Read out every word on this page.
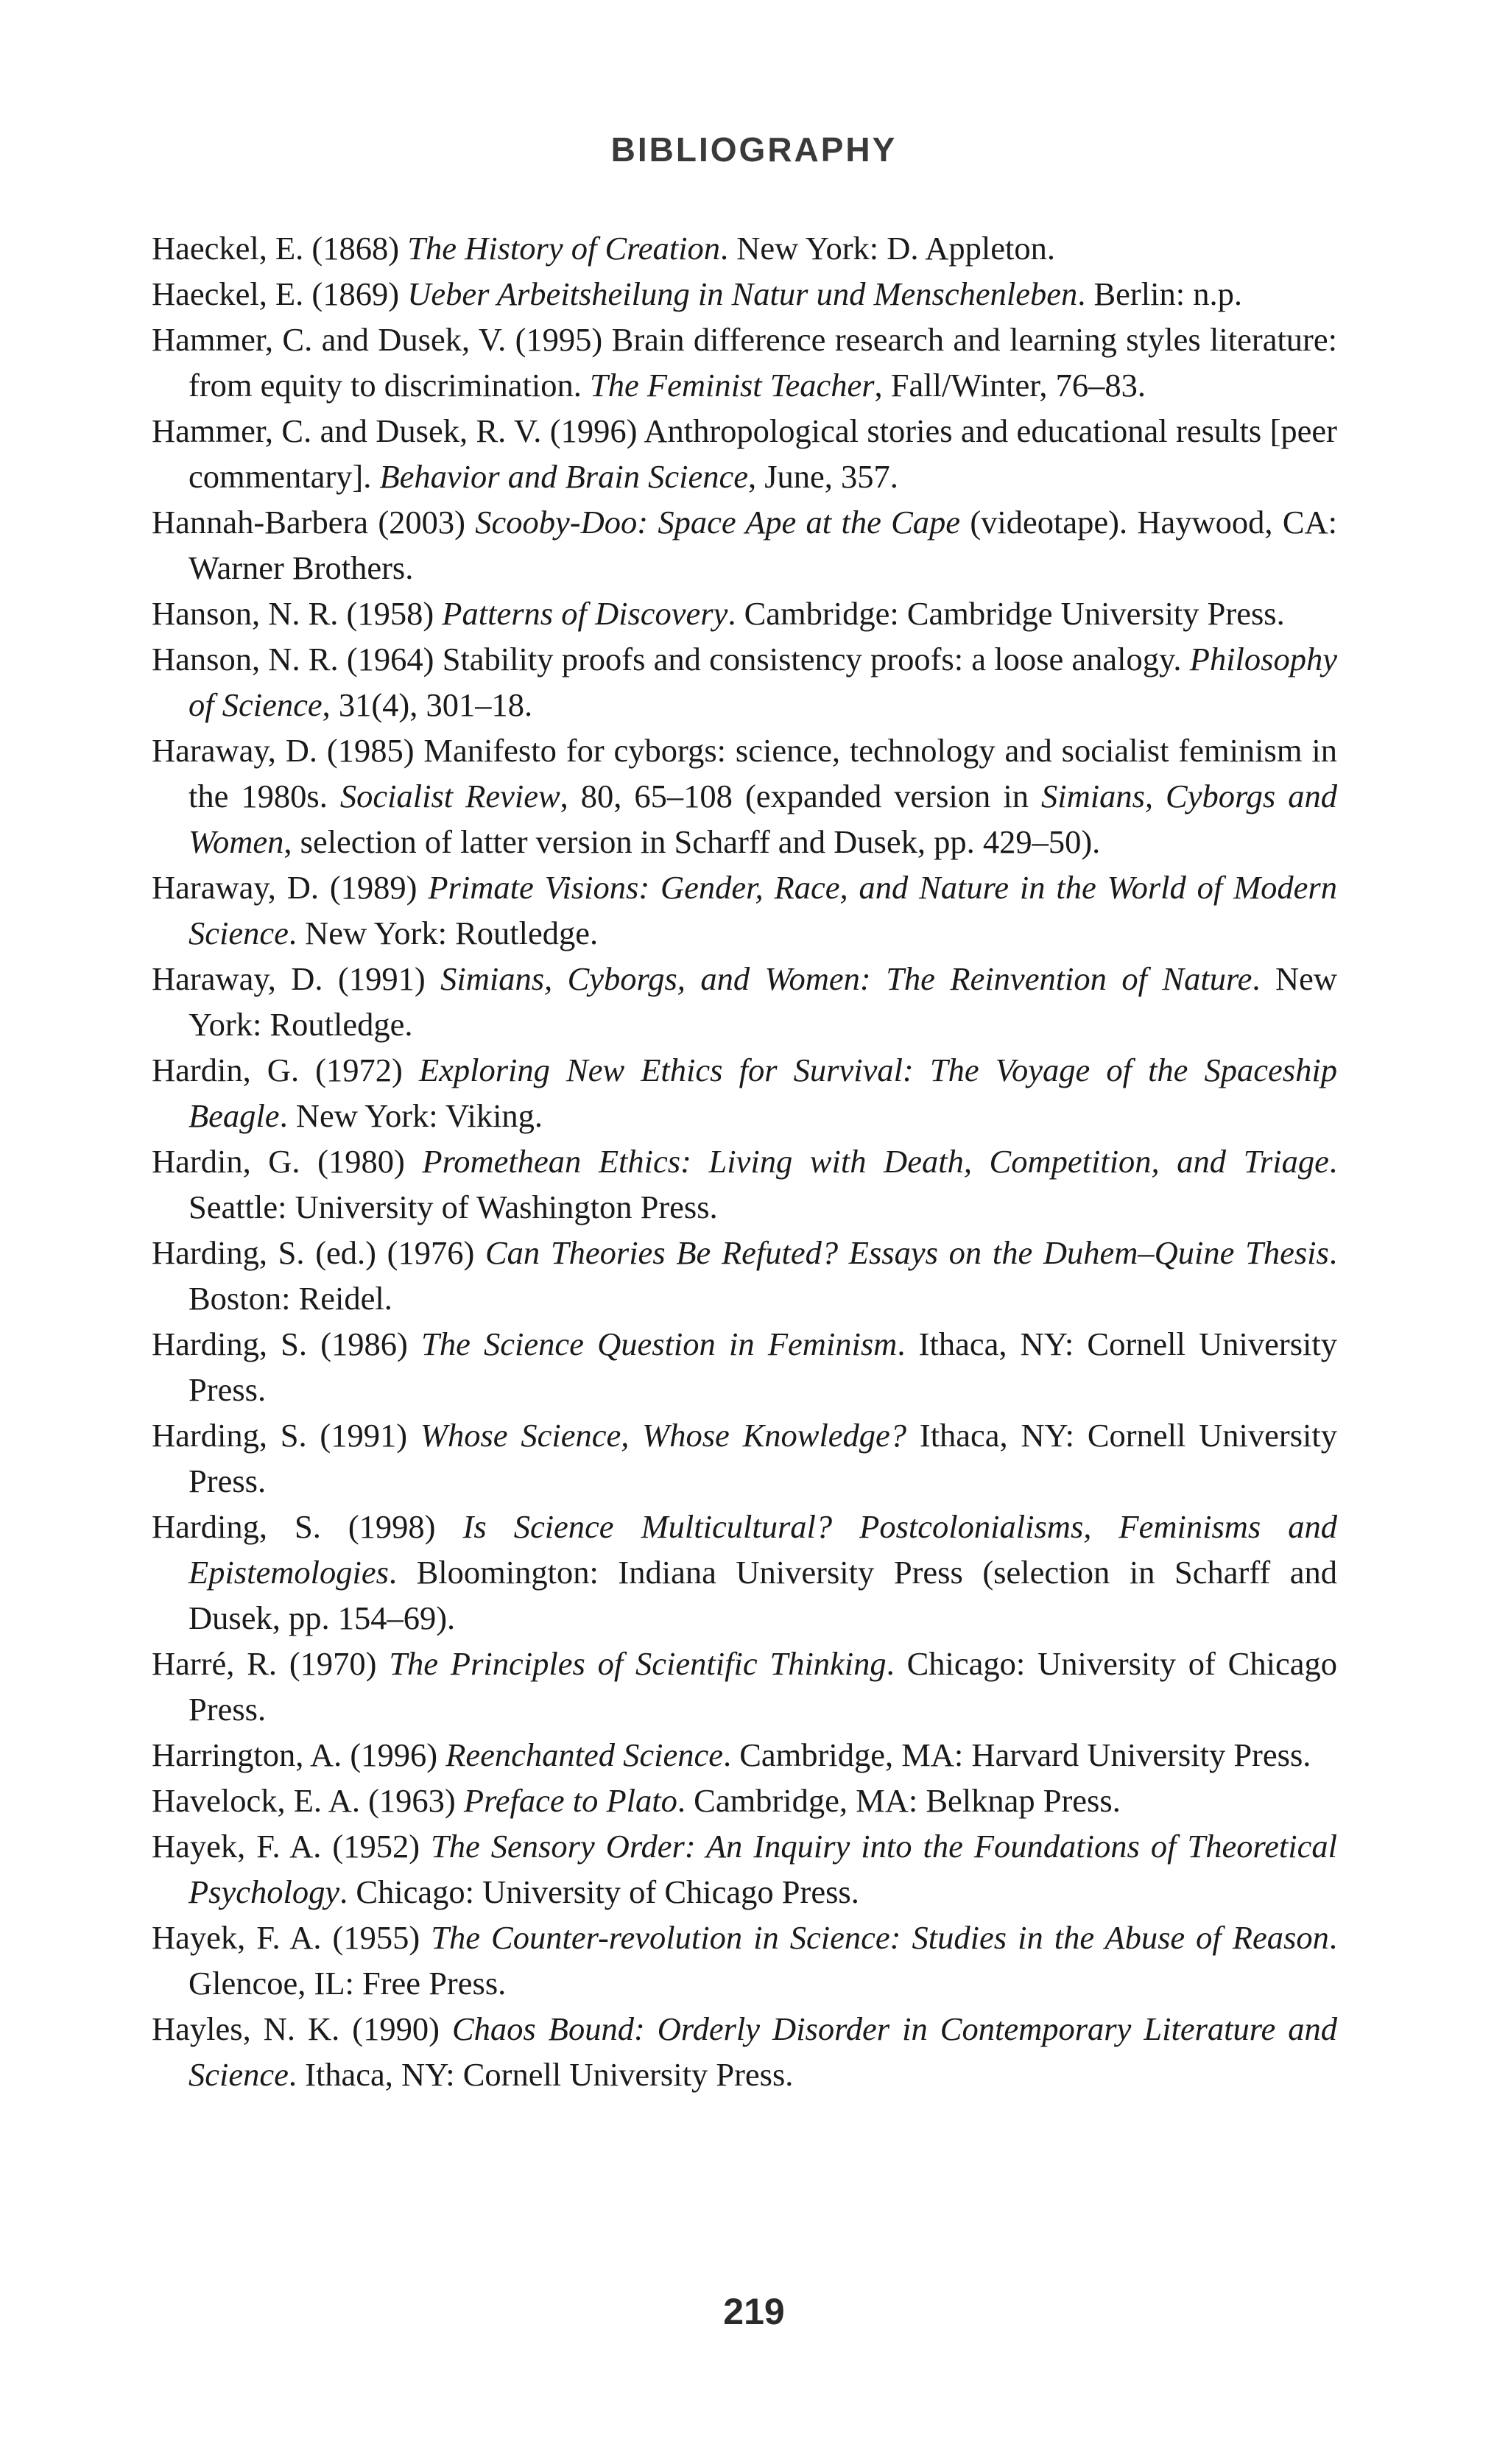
BIBLIOGRAPHY
Haeckel, E. (1868) The History of Creation. New York: D. Appleton.
Haeckel, E. (1869) Ueber Arbeitsheilung in Natur und Menschenleben. Berlin: n.p.
Hammer, C. and Dusek, V. (1995) Brain difference research and learning styles literature: from equity to discrimination. The Feminist Teacher, Fall/Winter, 76–83.
Hammer, C. and Dusek, R. V. (1996) Anthropological stories and educational results [peer commentary]. Behavior and Brain Science, June, 357.
Hannah-Barbera (2003) Scooby-Doo: Space Ape at the Cape (videotape). Haywood, CA: Warner Brothers.
Hanson, N. R. (1958) Patterns of Discovery. Cambridge: Cambridge University Press.
Hanson, N. R. (1964) Stability proofs and consistency proofs: a loose analogy. Philosophy of Science, 31(4), 301–18.
Haraway, D. (1985) Manifesto for cyborgs: science, technology and socialist feminism in the 1980s. Socialist Review, 80, 65–108 (expanded version in Simians, Cyborgs and Women, selection of latter version in Scharff and Dusek, pp. 429–50).
Haraway, D. (1989) Primate Visions: Gender, Race, and Nature in the World of Modern Science. New York: Routledge.
Haraway, D. (1991) Simians, Cyborgs, and Women: The Reinvention of Nature. New York: Routledge.
Hardin, G. (1972) Exploring New Ethics for Survival: The Voyage of the Spaceship Beagle. New York: Viking.
Hardin, G. (1980) Promethean Ethics: Living with Death, Competition, and Triage. Seattle: University of Washington Press.
Harding, S. (ed.) (1976) Can Theories Be Refuted? Essays on the Duhem–Quine Thesis. Boston: Reidel.
Harding, S. (1986) The Science Question in Feminism. Ithaca, NY: Cornell University Press.
Harding, S. (1991) Whose Science, Whose Knowledge? Ithaca, NY: Cornell University Press.
Harding, S. (1998) Is Science Multicultural? Postcolonialisms, Feminisms and Epistemologies. Bloomington: Indiana University Press (selection in Scharff and Dusek, pp. 154–69).
Harré, R. (1970) The Principles of Scientific Thinking. Chicago: University of Chicago Press.
Harrington, A. (1996) Reenchanted Science. Cambridge, MA: Harvard University Press.
Havelock, E. A. (1963) Preface to Plato. Cambridge, MA: Belknap Press.
Hayek, F. A. (1952) The Sensory Order: An Inquiry into the Foundations of Theoretical Psychology. Chicago: University of Chicago Press.
Hayek, F. A. (1955) The Counter-revolution in Science: Studies in the Abuse of Reason. Glencoe, IL: Free Press.
Hayles, N. K. (1990) Chaos Bound: Orderly Disorder in Contemporary Literature and Science. Ithaca, NY: Cornell University Press.
219
